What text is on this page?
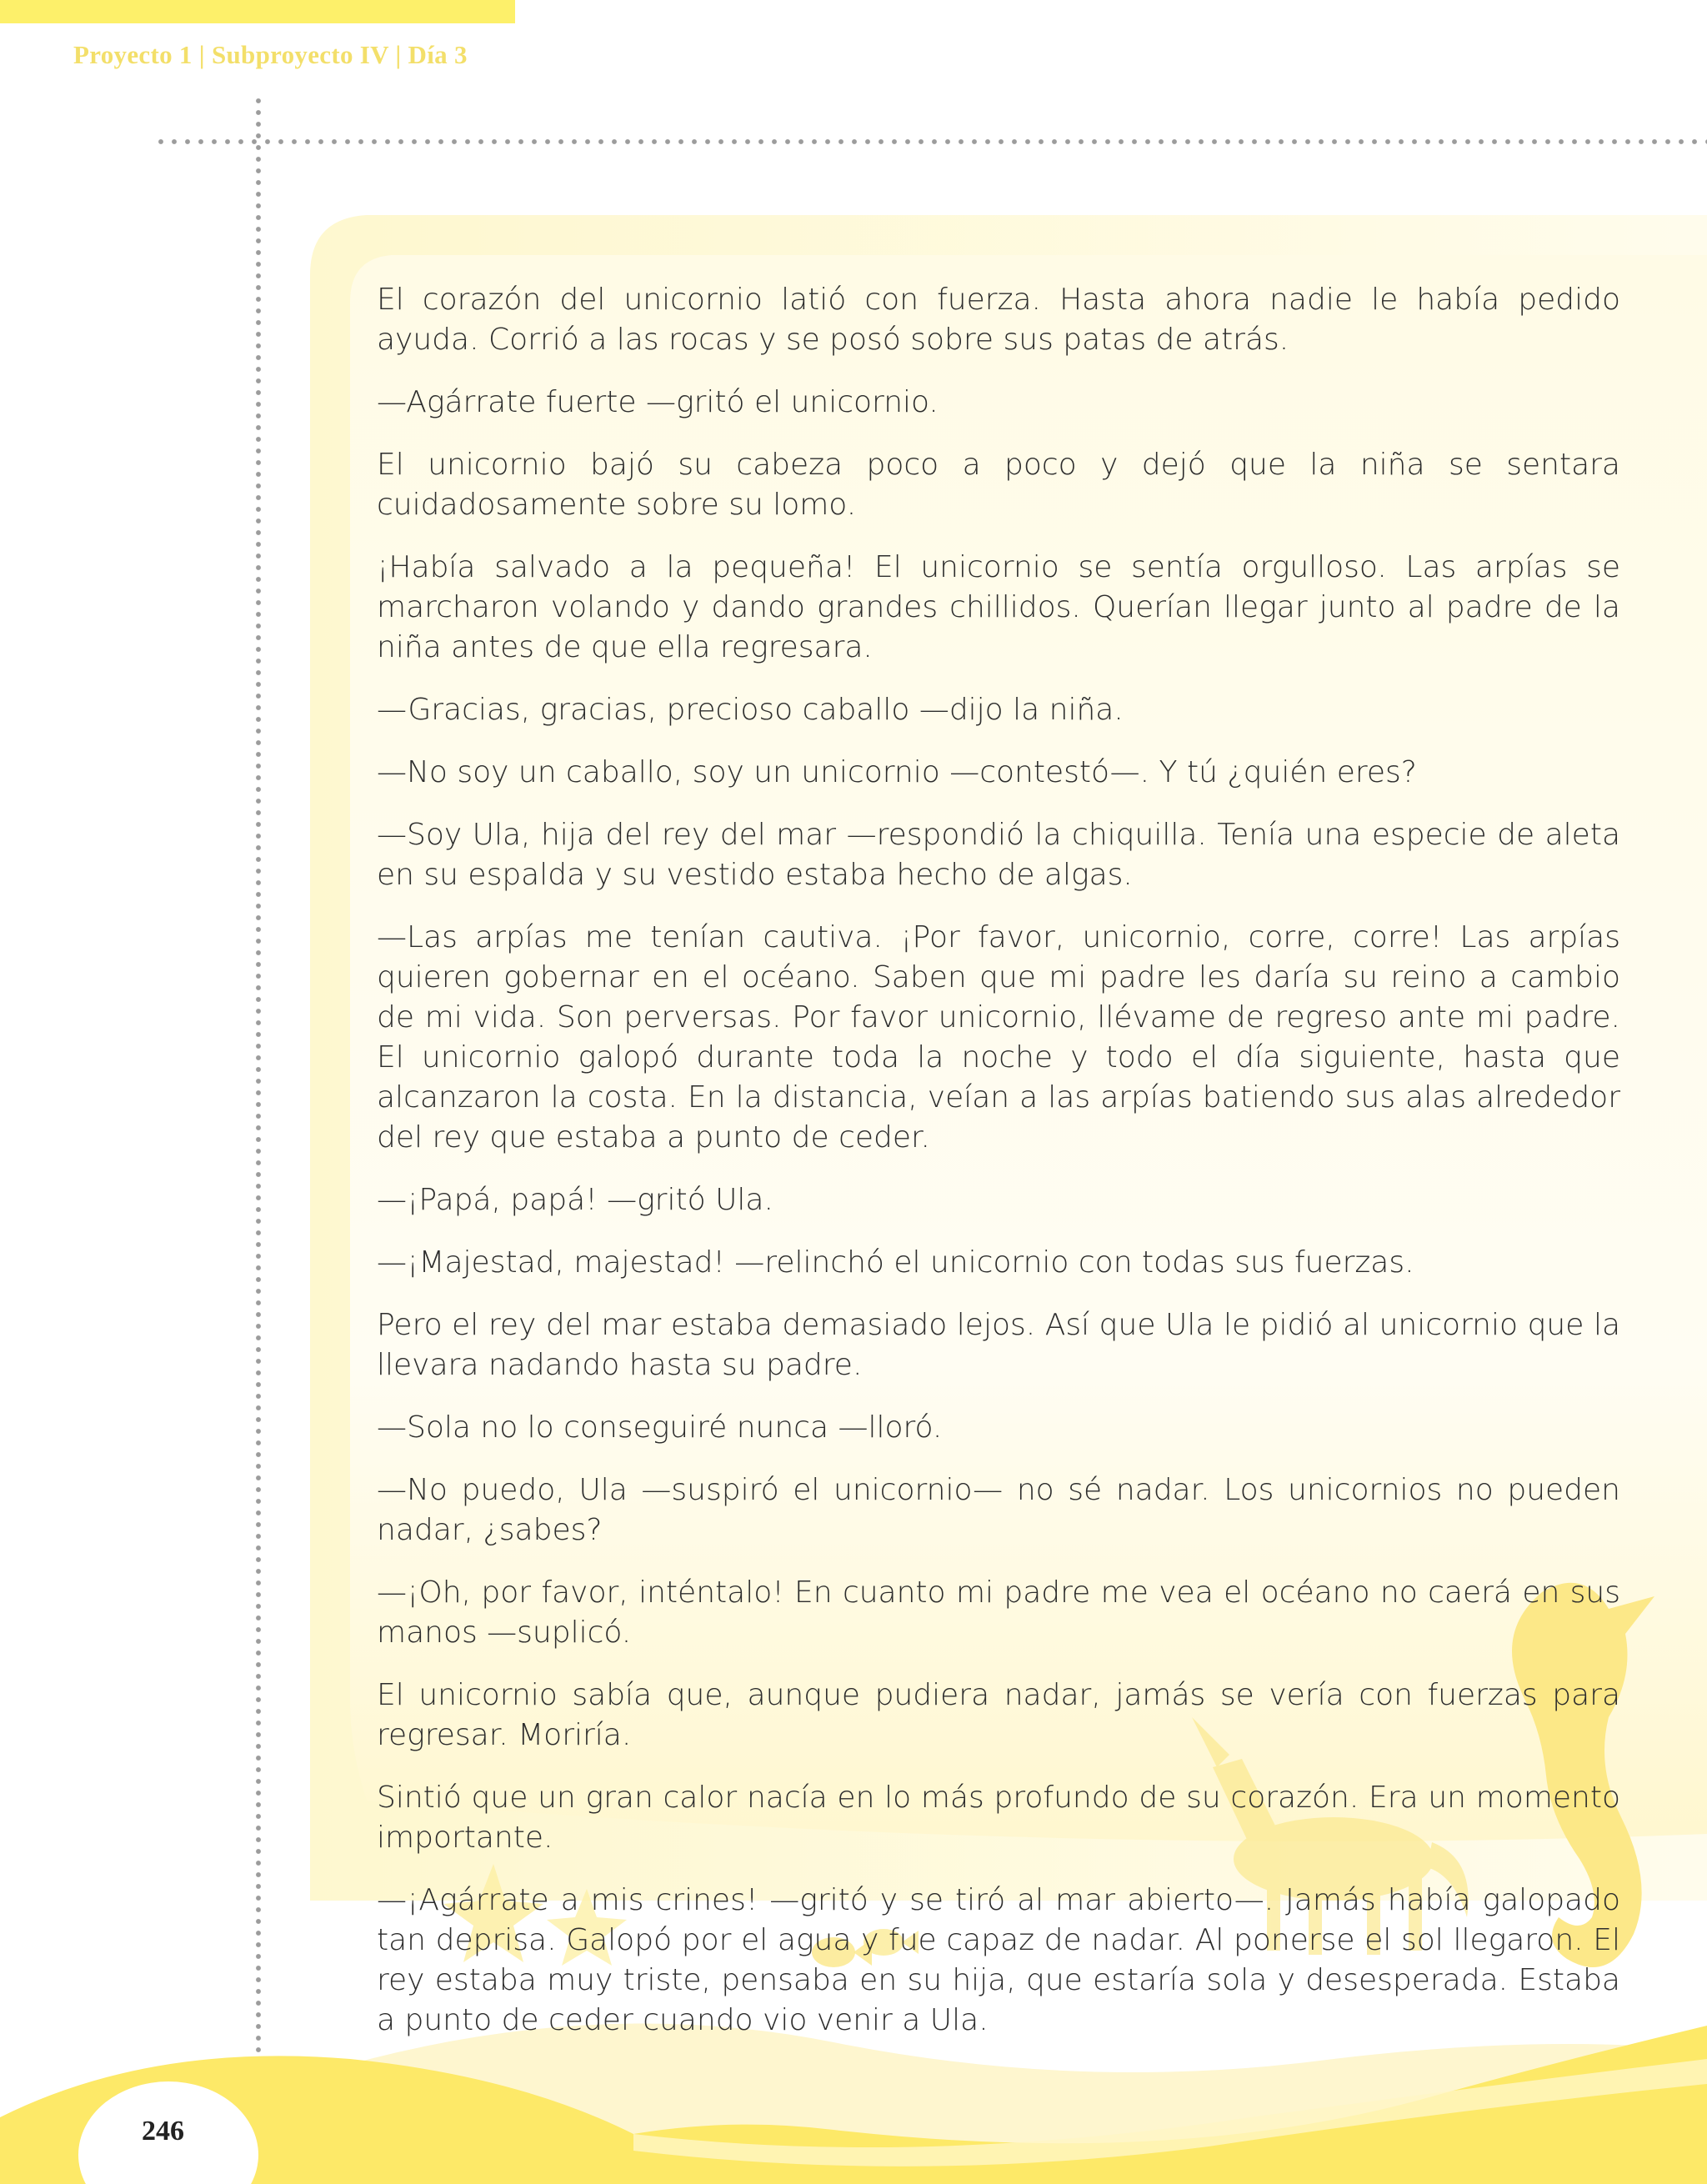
Proyecto 1 | Subproyecto IV | Día 3

El corazón del unicornio latió con fuerza. Hasta ahora nadie le había pedido ayuda. Corrió a las rocas y se posó sobre sus patas de atrás.

—Agárrate fuerte —gritó el unicornio.

El unicornio bajó su cabeza poco a poco y dejó que la niña se sentara cuidadosamente sobre su lomo.

¡Había salvado a la pequeña! El unicornio se sentía orgulloso. Las arpías se marcharon volando y dando grandes chillidos. Querían llegar junto al padre de la niña antes de que ella regresara.

—Gracias, gracias, precioso caballo —dijo la niña.

—No soy un caballo, soy un unicornio —contestó—. Y tú ¿quién eres?

—Soy Ula, hija del rey del mar —respondió la chiquilla. Tenía una especie de aleta en su espalda y su vestido estaba hecho de algas.

—Las arpías me tenían cautiva. ¡Por favor, unicornio, corre, corre! Las arpías quieren gobernar en el océano. Saben que mi padre les daría su reino a cambio de mi vida. Son perversas. Por favor unicornio, llévame de regreso ante mi padre. El unicornio galopó durante toda la noche y todo el día siguiente, hasta que alcanzaron la costa. En la distancia, veían a las arpías batiendo sus alas alrededor del rey que estaba a punto de ceder.

—¡Papá, papá! —gritó Ula.

—¡Majestad, majestad! —relinchó el unicornio con todas sus fuerzas.

Pero el rey del mar estaba demasiado lejos. Así que Ula le pidió al unicornio que la llevara nadando hasta su padre.

—Sola no lo conseguiré nunca —lloró.

—No puedo, Ula —suspiró el unicornio— no sé nadar. Los unicornios no pueden nadar, ¿sabes?

—¡Oh, por favor, inténtalo! En cuanto mi padre me vea el océano no caerá en sus manos —suplicó.

El unicornio sabía que, aunque pudiera nadar, jamás se vería con fuerzas para regresar. Moriría.

Sintió que un gran calor nacía en lo más profundo de su corazón. Era un momento importante.

—¡Agárrate a mis crines! —gritó y se tiró al mar abierto—. Jamás había galopado tan deprisa. Galopó por el agua y fue capaz de nadar. Al ponerse el sol llegaron. El rey estaba muy triste, pensaba en su hija, que estaría sola y desesperada. Estaba a punto de ceder cuando vio venir a Ula.

246
